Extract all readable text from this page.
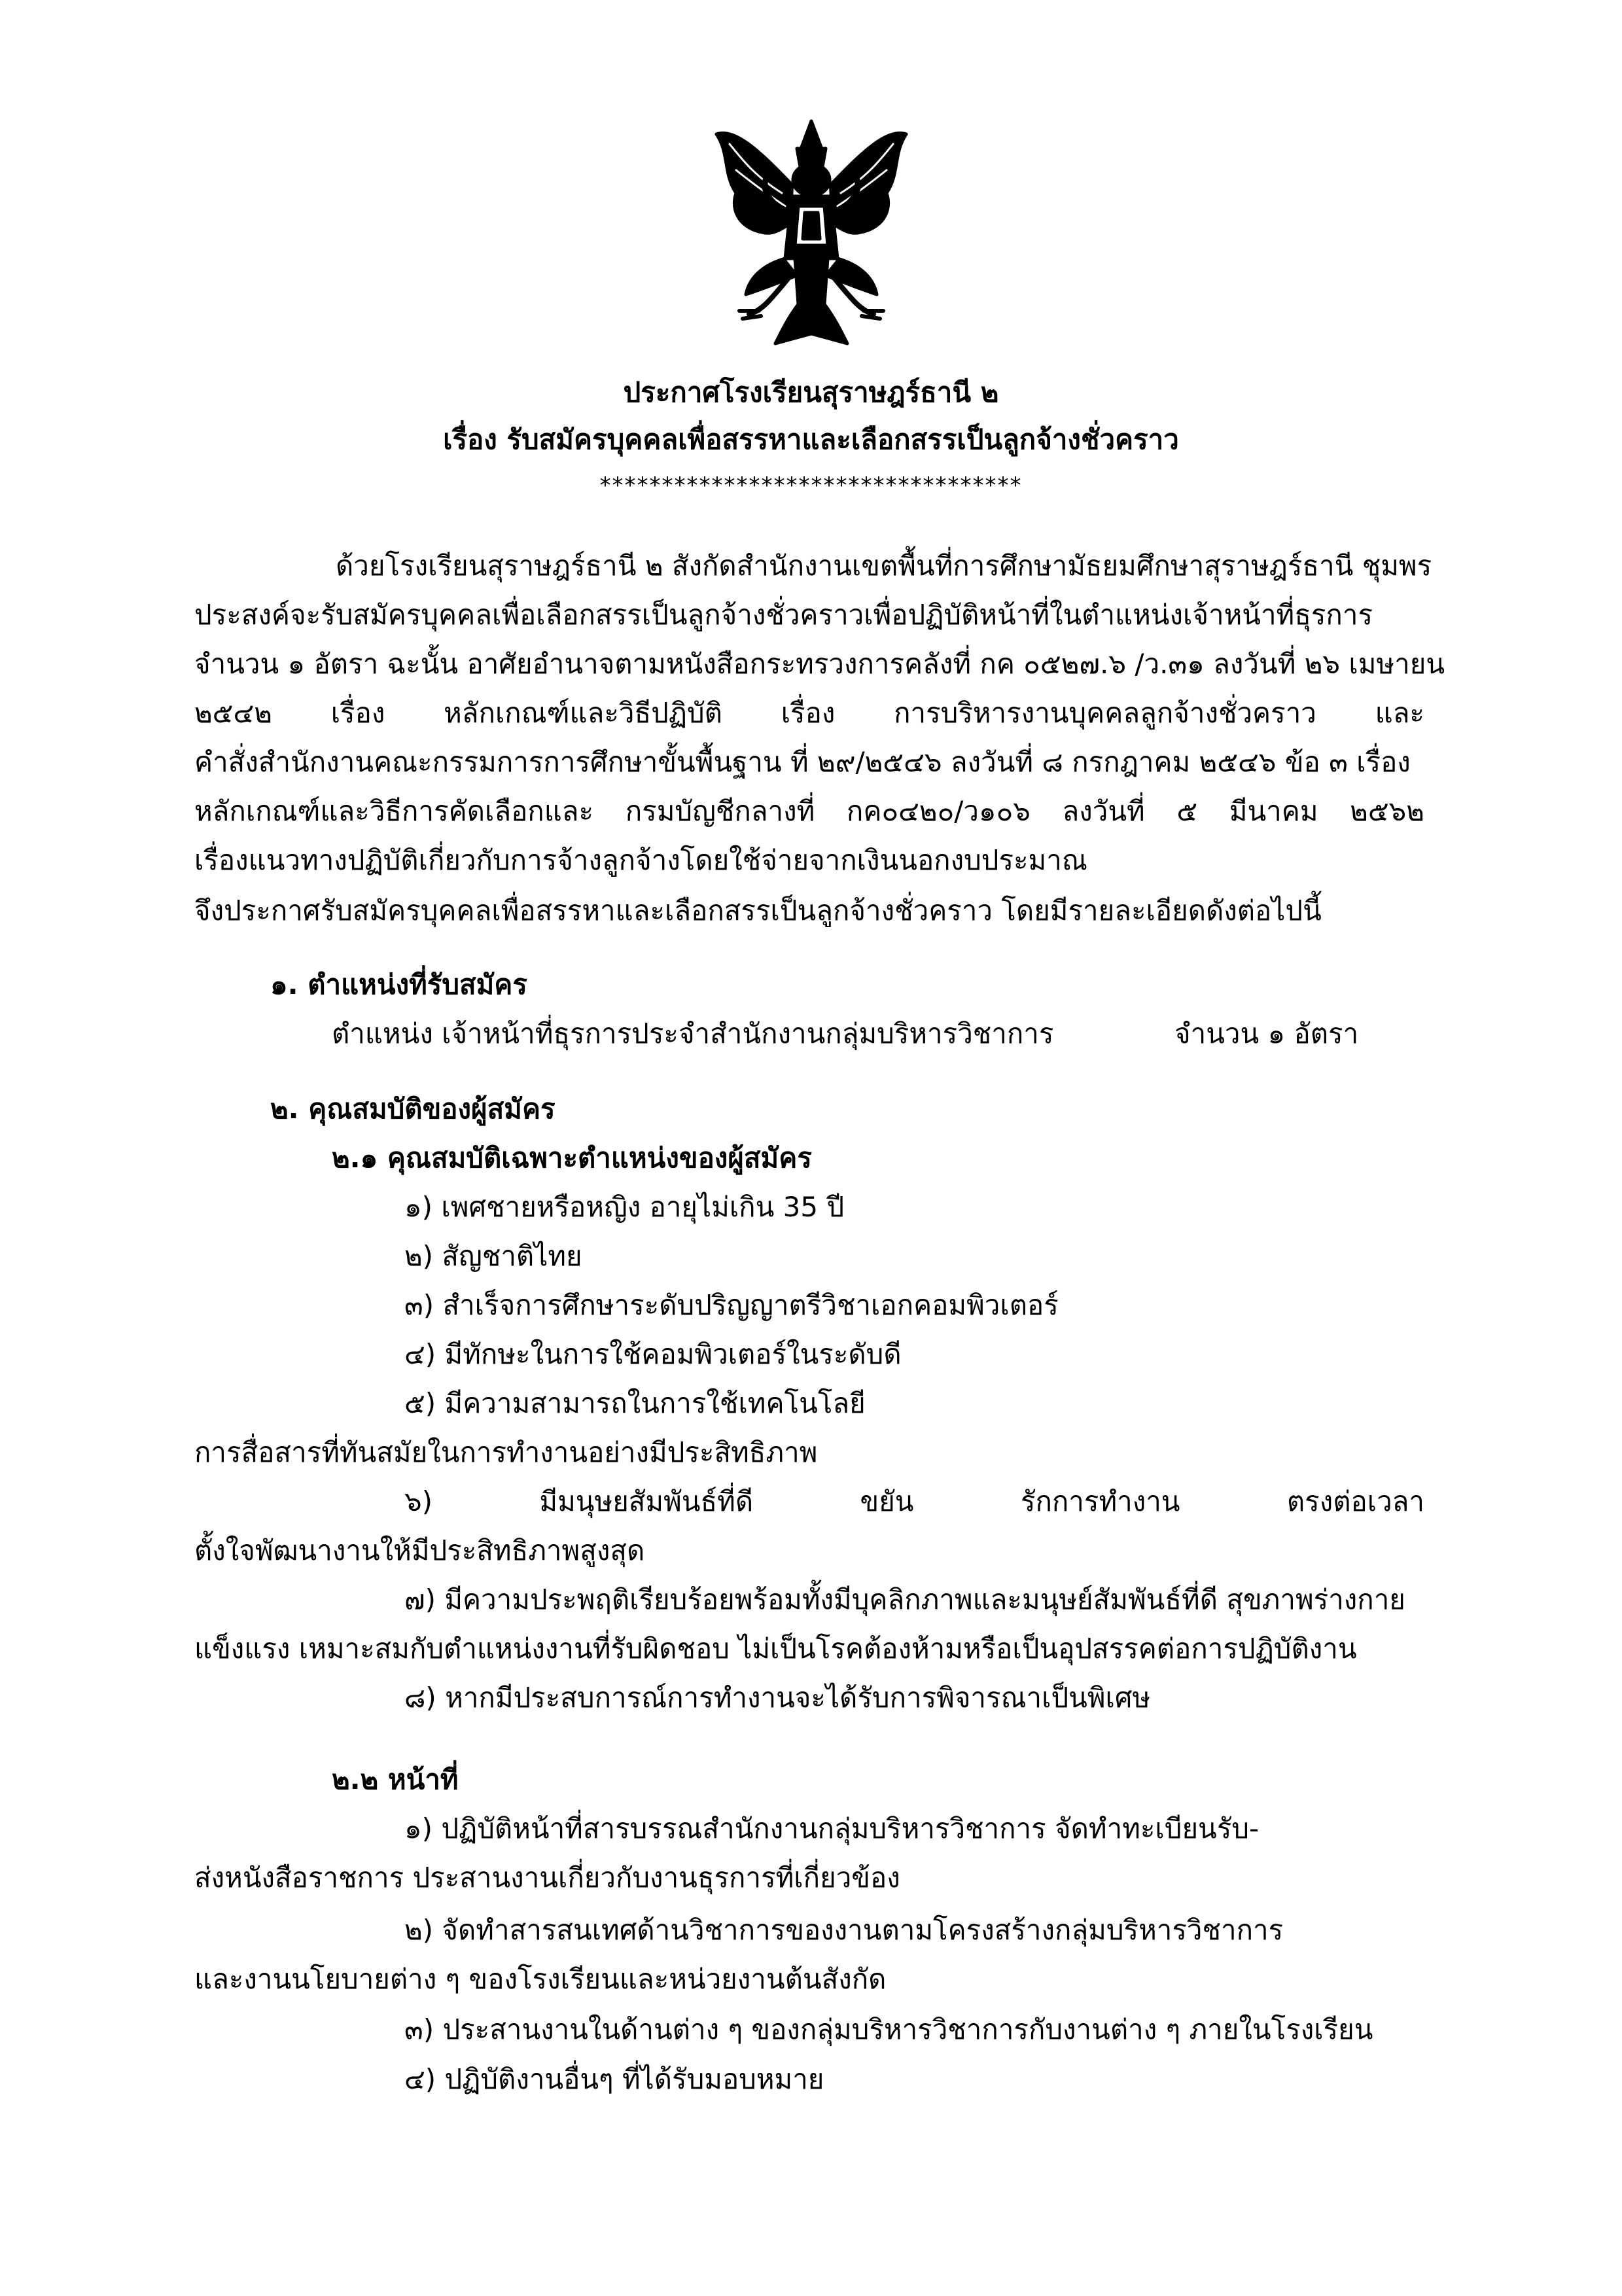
ประกาศโรงเรียนสุราษฎร์ธานี ๒
เรื่อง รับสมัครบุคคลเพื่อสรรหาและเลือกสรรเป็นลูกจ้างชั่วคราว
**********************************
ด้วยโรงเรียนสุราษฎร์ธานี ๒ สังกัดสำนักงานเขตพื้นที่การศึกษามัธยมศึกษาสุราษฎร์ธานี ชุมพร
ประสงค์จะรับสมัครบุคคลเพื่อเลือกสรรเป็นลูกจ้างชั่วคราวเพื่อปฏิบัติหน้าที่ในตำแหน่งเจ้าหน้าที่ธุรการ
จำนวน ๑ อัตรา ฉะนั้น อาศัยอำนาจตามหนังสือกระทรวงการคลังที่ กค ๐๕๒๗.๖ /ว.๓๑ ลงวันที่ ๒๖ เมษายน
๒๕๔๒ เรื่อง หลักเกณฑ์และวิธีปฏิบัติ เรื่อง การบริหารงานบุคคลลูกจ้างชั่วคราว และ
คำสั่งสำนักงานคณะกรรมการการศึกษาขั้นพื้นฐาน ที่ ๒๙/๒๕๔๖ ลงวันที่ ๘ กรกฎาคม ๒๕๔๖ ข้อ ๓ เรื่อง
หลักเกณฑ์และวิธีการคัดเลือกและ กรมบัญชีกลางที่ กค๐๔๒๐/ว๑๐๖ ลงวันที่ ๕ มีนาคม ๒๕๖๒
เรื่องแนวทางปฏิบัติเกี่ยวกับการจ้างลูกจ้างโดยใช้จ่ายจากเงินนอกงบประมาณ
จึงประกาศรับสมัครบุคคลเพื่อสรรหาและเลือกสรรเป็นลูกจ้างชั่วคราว โดยมีรายละเอียดดังต่อไปนี้
๑. ตำแหน่งที่รับสมัคร
ตำแหน่ง เจ้าหน้าที่ธุรการประจำสำนักงานกลุ่มบริหารวิชาการ	จำนวน ๑ อัตรา
๒. คุณสมบัติของผู้สมัคร
๒.๑ คุณสมบัติเฉพาะตำแหน่งของผู้สมัคร
๑) เพศชายหรือหญิง อายุไม่เกิน 35 ปี
๒) สัญชาติไทย
๓) สำเร็จการศึกษาระดับปริญญาตรีวิชาเอกคอมพิวเตอร์
๔) มีทักษะในการใช้คอมพิวเตอร์ในระดับดี
๕) มีความสามารถในการใช้เทคโนโลยี
การสื่อสารที่ทันสมัยในการทำงานอย่างมีประสิทธิภาพ
๖) มีมนุษยสัมพันธ์ที่ดี ขยัน รักการทำงาน ตรงต่อเวลา
ตั้งใจพัฒนางานให้มีประสิทธิภาพสูงสุด
๗) มีความประพฤติเรียบร้อยพร้อมทั้งมีบุคลิกภาพและมนุษย์สัมพันธ์ที่ดี สุขภาพร่างกาย
แข็งแรง เหมาะสมกับตำแหน่งงานที่รับผิดชอบ ไม่เป็นโรคต้องห้ามหรือเป็นอุปสรรคต่อการปฏิบัติงาน
๘) หากมีประสบการณ์การทำงานจะได้รับการพิจารณาเป็นพิเศษ
๒.๒ หน้าที่
๑) ปฏิบัติหน้าที่สารบรรณสำนักงานกลุ่มบริหารวิชาการ จัดทำทะเบียนรับ-
ส่งหนังสือราชการ ประสานงานเกี่ยวกับงานธุรการที่เกี่ยวข้อง
๒) จัดทำสารสนเทศด้านวิชาการของงานตามโครงสร้างกลุ่มบริหารวิชาการ
และงานนโยบายต่าง ๆ ของโรงเรียนและหน่วยงานต้นสังกัด
๓) ประสานงานในด้านต่าง ๆ ของกลุ่มบริหารวิชาการกับงานต่าง ๆ ภายในโรงเรียน
๔) ปฏิบัติงานอื่นๆ ที่ได้รับมอบหมาย
